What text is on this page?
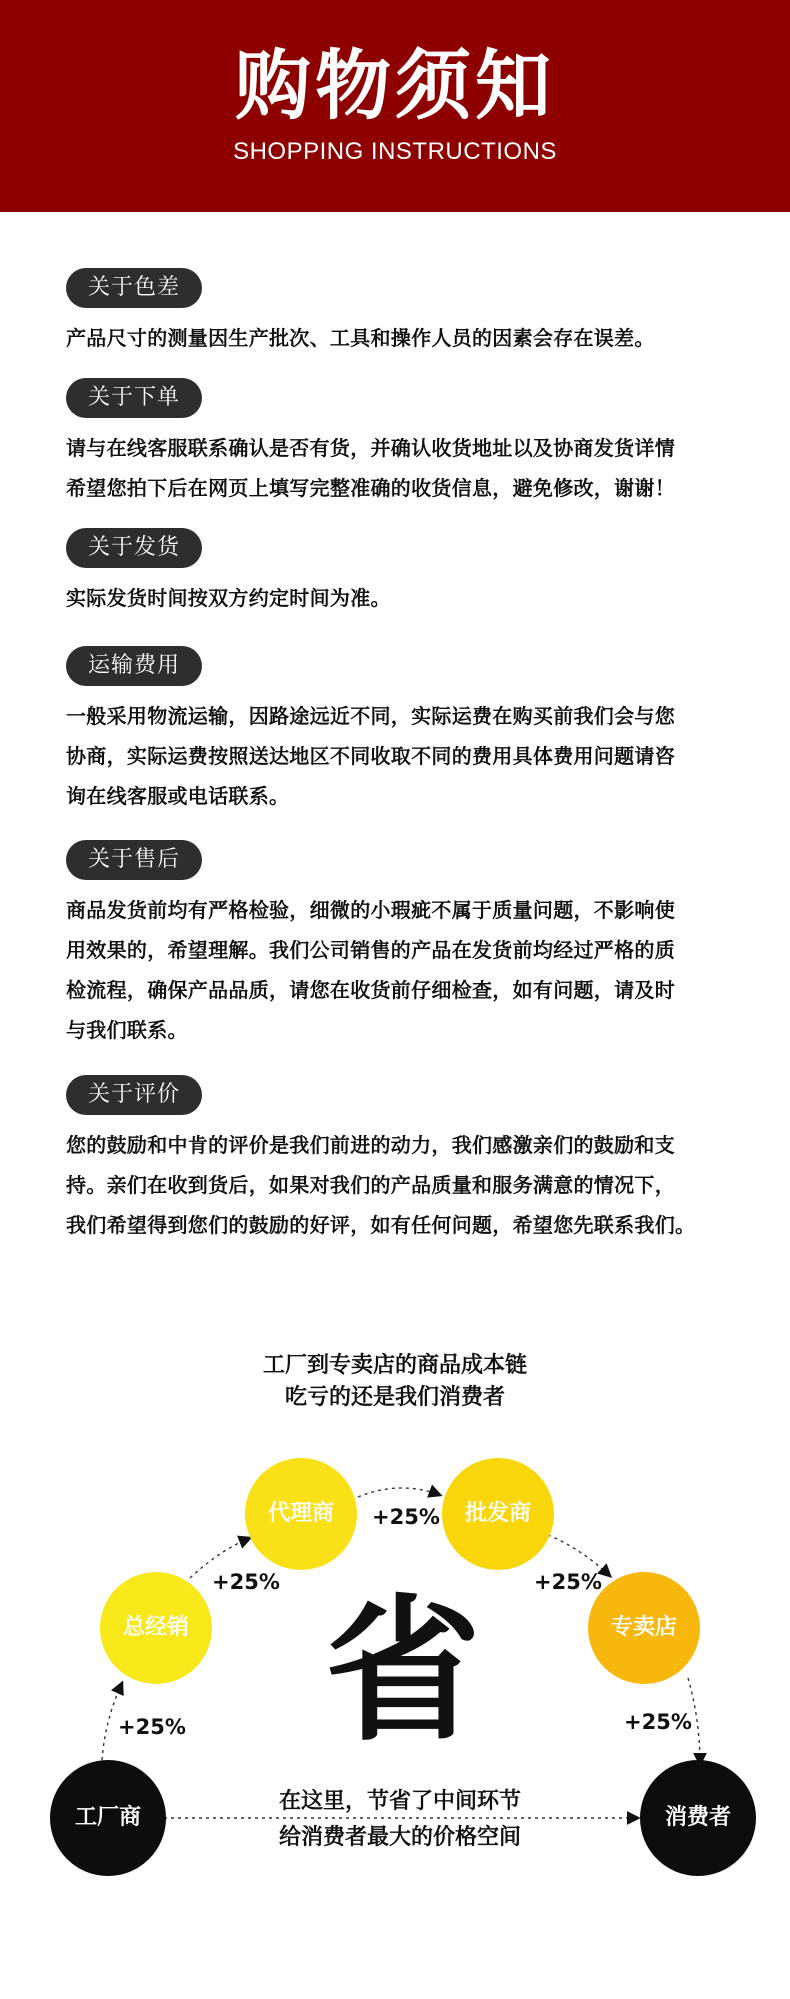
购物须知
SHOPPING INSTRUCTIONS
关于色差
产品尺寸的测量因生产批次、工具和操作人员的因素会存在误差。
关于下单
请与在线客服联系确认是否有货，并确认收货地址以及协商发货详情
希望您拍下后在网页上填写完整准确的收货信息，避免修改，谢谢！
关于发货
实际发货时间按双方约定时间为准。
运输费用
一般采用物流运输，因路途远近不同，实际运费在购买前我们会与您
协商，实际运费按照送达地区不同收取不同的费用具体费用问题请咨
询在线客服或电话联系。
关于售后
商品发货前均有严格检验，细微的小瑕疵不属于质量问题，不影响使
用效果的，希望理解。我们公司销售的产品在发货前均经过严格的质
检流程，确保产品品质，请您在收货前仔细检查，如有问题，请及时
与我们联系。
关于评价
您的鼓励和中肯的评价是我们前进的动力，我们感激亲们的鼓励和支
持。亲们在收到货后，如果对我们的产品质量和服务满意的情况下，
我们希望得到您们的鼓励的好评，如有任何问题，希望您先联系我们。
工厂到专卖店的商品成本链
吃亏的还是我们消费者
工厂商
总经销
代理商	批发商
专卖店
消费者
+25%
+25%
+25%
+25%
+25%
省
在这里，节省了中间环节
给消费者最大的价格空间
